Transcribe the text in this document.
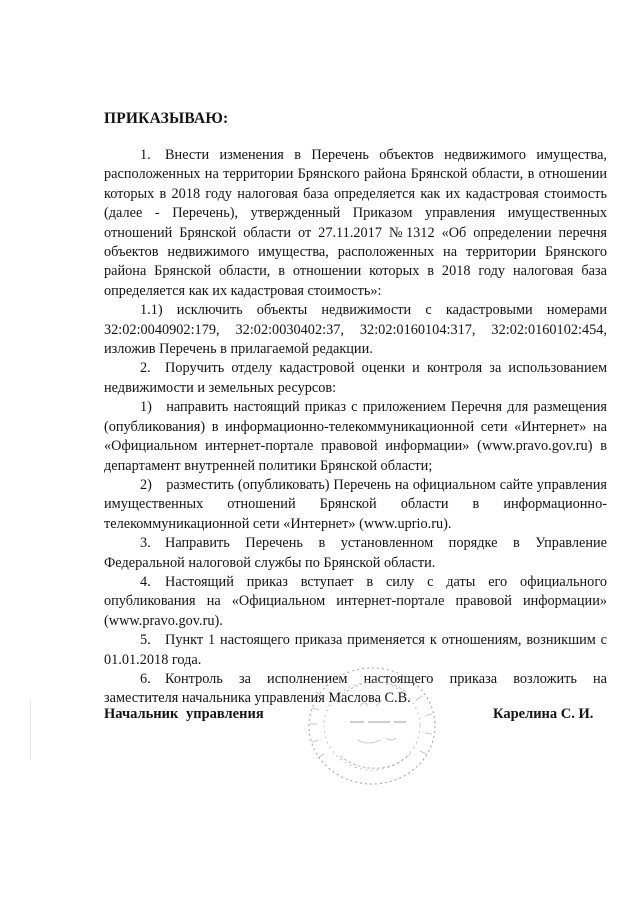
ПРИКАЗЫВАЮ:

1. Внести изменения в Перечень объектов недвижимого имущества, расположенных на территории Брянского района Брянской области, в отношении которых в 2018 году налоговая база определяется как их кадастровая стоимость (далее - Перечень), утвержденный Приказом управления имущественных отношений Брянской области от 27.11.2017 №1312 «Об определении перечня объектов недвижимого имущества, расположенных на территории Брянского района Брянской области, в отношении которых в 2018 году налоговая база определяется как их кадастровая стоимость»:

1.1) исключить объекты недвижимости с кадастровыми номерами 32:02:0040902:179, 32:02:0030402:37, 32:02:0160104:317, 32:02:0160102:454, изложив Перечень в прилагаемой редакции.

2. Поручить отделу кадастровой оценки и контроля за использованием недвижимости и земельных ресурсов:

1) направить настоящий приказ с приложением Перечня для размещения (опубликования) в информационно-телекоммуникационной сети «Интернет» на «Официальном интернет-портале правовой информации» (www.pravo.gov.ru) в департамент внутренней политики Брянской области;

2) разместить (опубликовать) Перечень на официальном сайте управления имущественных отношений Брянской области в информационно-телекоммуникационной сети «Интернет» (www.uprio.ru).

3. Направить Перечень в установленном порядке в Управление Федеральной налоговой службы по Брянской области.

4. Настоящий приказ вступает в силу с даты его официального опубликования на «Официальном интернет-портале правовой информации» (www.pravo.gov.ru).

5. Пункт 1 настоящего приказа применяется к отношениям, возникшим с 01.01.2018 года.

6. Контроль за исполнением настоящего приказа возложить на заместителя начальника управления Маслова С.В.

Начальник управления	Карелина С. И.
